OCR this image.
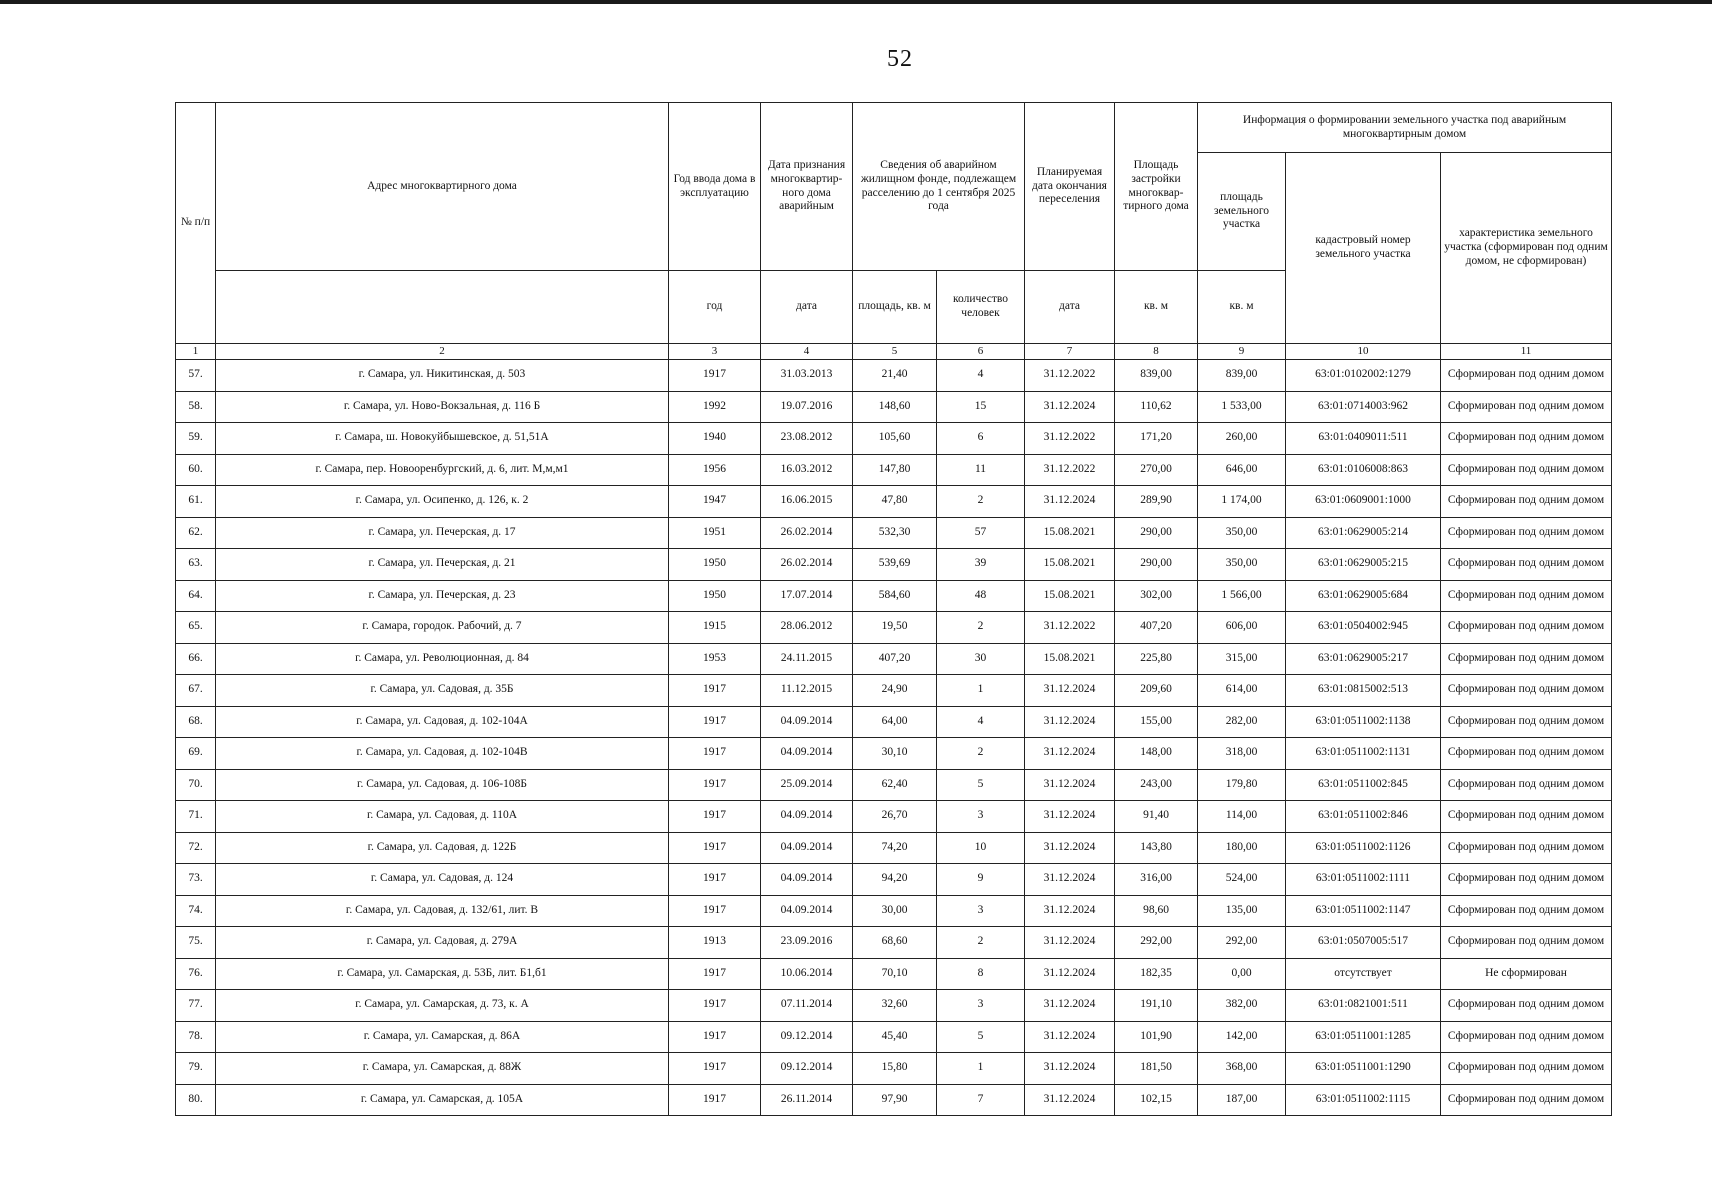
52
№ п/п	Адрес многоквартирного дома	Год ввода дома в эксплуатацию	Дата признания многоквартир-ного дома аварийным	Сведения об аварийном жилищном фонде, подлежащем расселению до 1 сентября 2025 года		Планируемая дата окончания переселения	Площадь застройки многоквар-тирного дома	Информация о формировании земельного участка под аварийным многоквартирным домом		
								площадь земельного участка	кадастровый номер земельного участка	характеристика земельного участка (сформирован под одним домом, не сформирован)
		год	дата	площадь, кв. м	количество человек	дата	кв. м	кв. м		
1	2	3	4	5	6	7	8	9	10	11
57.	г. Самара, ул. Никитинская, д. 503	1917	31.03.2013	21,40	4	31.12.2022	839,00	839,00	63:01:0102002:1279	Сформирован под одним домом
58.	г. Самара, ул. Ново-Вокзальная, д. 116 Б	1992	19.07.2016	148,60	15	31.12.2024	110,62	1 533,00	63:01:0714003:962	Сформирован под одним домом
59.	г. Самара, ш. Новокуйбышевское, д. 51,51А	1940	23.08.2012	105,60	6	31.12.2022	171,20	260,00	63:01:0409011:511	Сформирован под одним домом
60.	г. Самара, пер. Новооренбургский, д. 6, лит. М,м,м1	1956	16.03.2012	147,80	11	31.12.2022	270,00	646,00	63:01:0106008:863	Сформирован под одним домом
61.	г. Самара, ул. Осипенко, д. 126, к. 2	1947	16.06.2015	47,80	2	31.12.2024	289,90	1 174,00	63:01:0609001:1000	Сформирован под одним домом
62.	г. Самара, ул. Печерская, д. 17	1951	26.02.2014	532,30	57	15.08.2021	290,00	350,00	63:01:0629005:214	Сформирован под одним домом
63.	г. Самара, ул. Печерская, д. 21	1950	26.02.2014	539,69	39	15.08.2021	290,00	350,00	63:01:0629005:215	Сформирован под одним домом
64.	г. Самара, ул. Печерская, д. 23	1950	17.07.2014	584,60	48	15.08.2021	302,00	1 566,00	63:01:0629005:684	Сформирован под одним домом
65.	г. Самара, городок. Рабочий, д. 7	1915	28.06.2012	19,50	2	31.12.2022	407,20	606,00	63:01:0504002:945	Сформирован под одним домом
66.	г. Самара, ул. Революционная, д. 84	1953	24.11.2015	407,20	30	15.08.2021	225,80	315,00	63:01:0629005:217	Сформирован под одним домом
67.	г. Самара, ул. Садовая, д. 35Б	1917	11.12.2015	24,90	1	31.12.2024	209,60	614,00	63:01:0815002:513	Сформирован под одним домом
68.	г. Самара, ул. Садовая, д. 102-104А	1917	04.09.2014	64,00	4	31.12.2024	155,00	282,00	63:01:0511002:1138	Сформирован под одним домом
69.	г. Самара, ул. Садовая, д. 102-104В	1917	04.09.2014	30,10	2	31.12.2024	148,00	318,00	63:01:0511002:1131	Сформирован под одним домом
70.	г. Самара, ул. Садовая, д. 106-108Б	1917	25.09.2014	62,40	5	31.12.2024	243,00	179,80	63:01:0511002:845	Сформирован под одним домом
71.	г. Самара, ул. Садовая, д. 110А	1917	04.09.2014	26,70	3	31.12.2024	91,40	114,00	63:01:0511002:846	Сформирован под одним домом
72.	г. Самара, ул. Садовая, д. 122Б	1917	04.09.2014	74,20	10	31.12.2024	143,80	180,00	63:01:0511002:1126	Сформирован под одним домом
73.	г. Самара, ул. Садовая, д. 124	1917	04.09.2014	94,20	9	31.12.2024	316,00	524,00	63:01:0511002:1111	Сформирован под одним домом
74.	г. Самара, ул. Садовая, д. 132/61, лит. В	1917	04.09.2014	30,00	3	31.12.2024	98,60	135,00	63:01:0511002:1147	Сформирован под одним домом
75.	г. Самара, ул. Садовая, д. 279А	1913	23.09.2016	68,60	2	31.12.2024	292,00	292,00	63:01:0507005:517	Сформирован под одним домом
76.	г. Самара, ул. Самарская, д. 53Б, лит. Б1,б1	1917	10.06.2014	70,10	8	31.12.2024	182,35	0,00	отсутствует	Не сформирован
77.	г. Самара, ул. Самарская, д. 73, к. А	1917	07.11.2014	32,60	3	31.12.2024	191,10	382,00	63:01:0821001:511	Сформирован под одним домом
78.	г. Самара, ул. Самарская, д. 86А	1917	09.12.2014	45,40	5	31.12.2024	101,90	142,00	63:01:0511001:1285	Сформирован под одним домом
79.	г. Самара, ул. Самарская, д. 88Ж	1917	09.12.2014	15,80	1	31.12.2024	181,50	368,00	63:01:0511001:1290	Сформирован под одним домом
80.	г. Самара, ул. Самарская, д. 105А	1917	26.11.2014	97,90	7	31.12.2024	102,15	187,00	63:01:0511002:1115	Сформирован под одним домом
